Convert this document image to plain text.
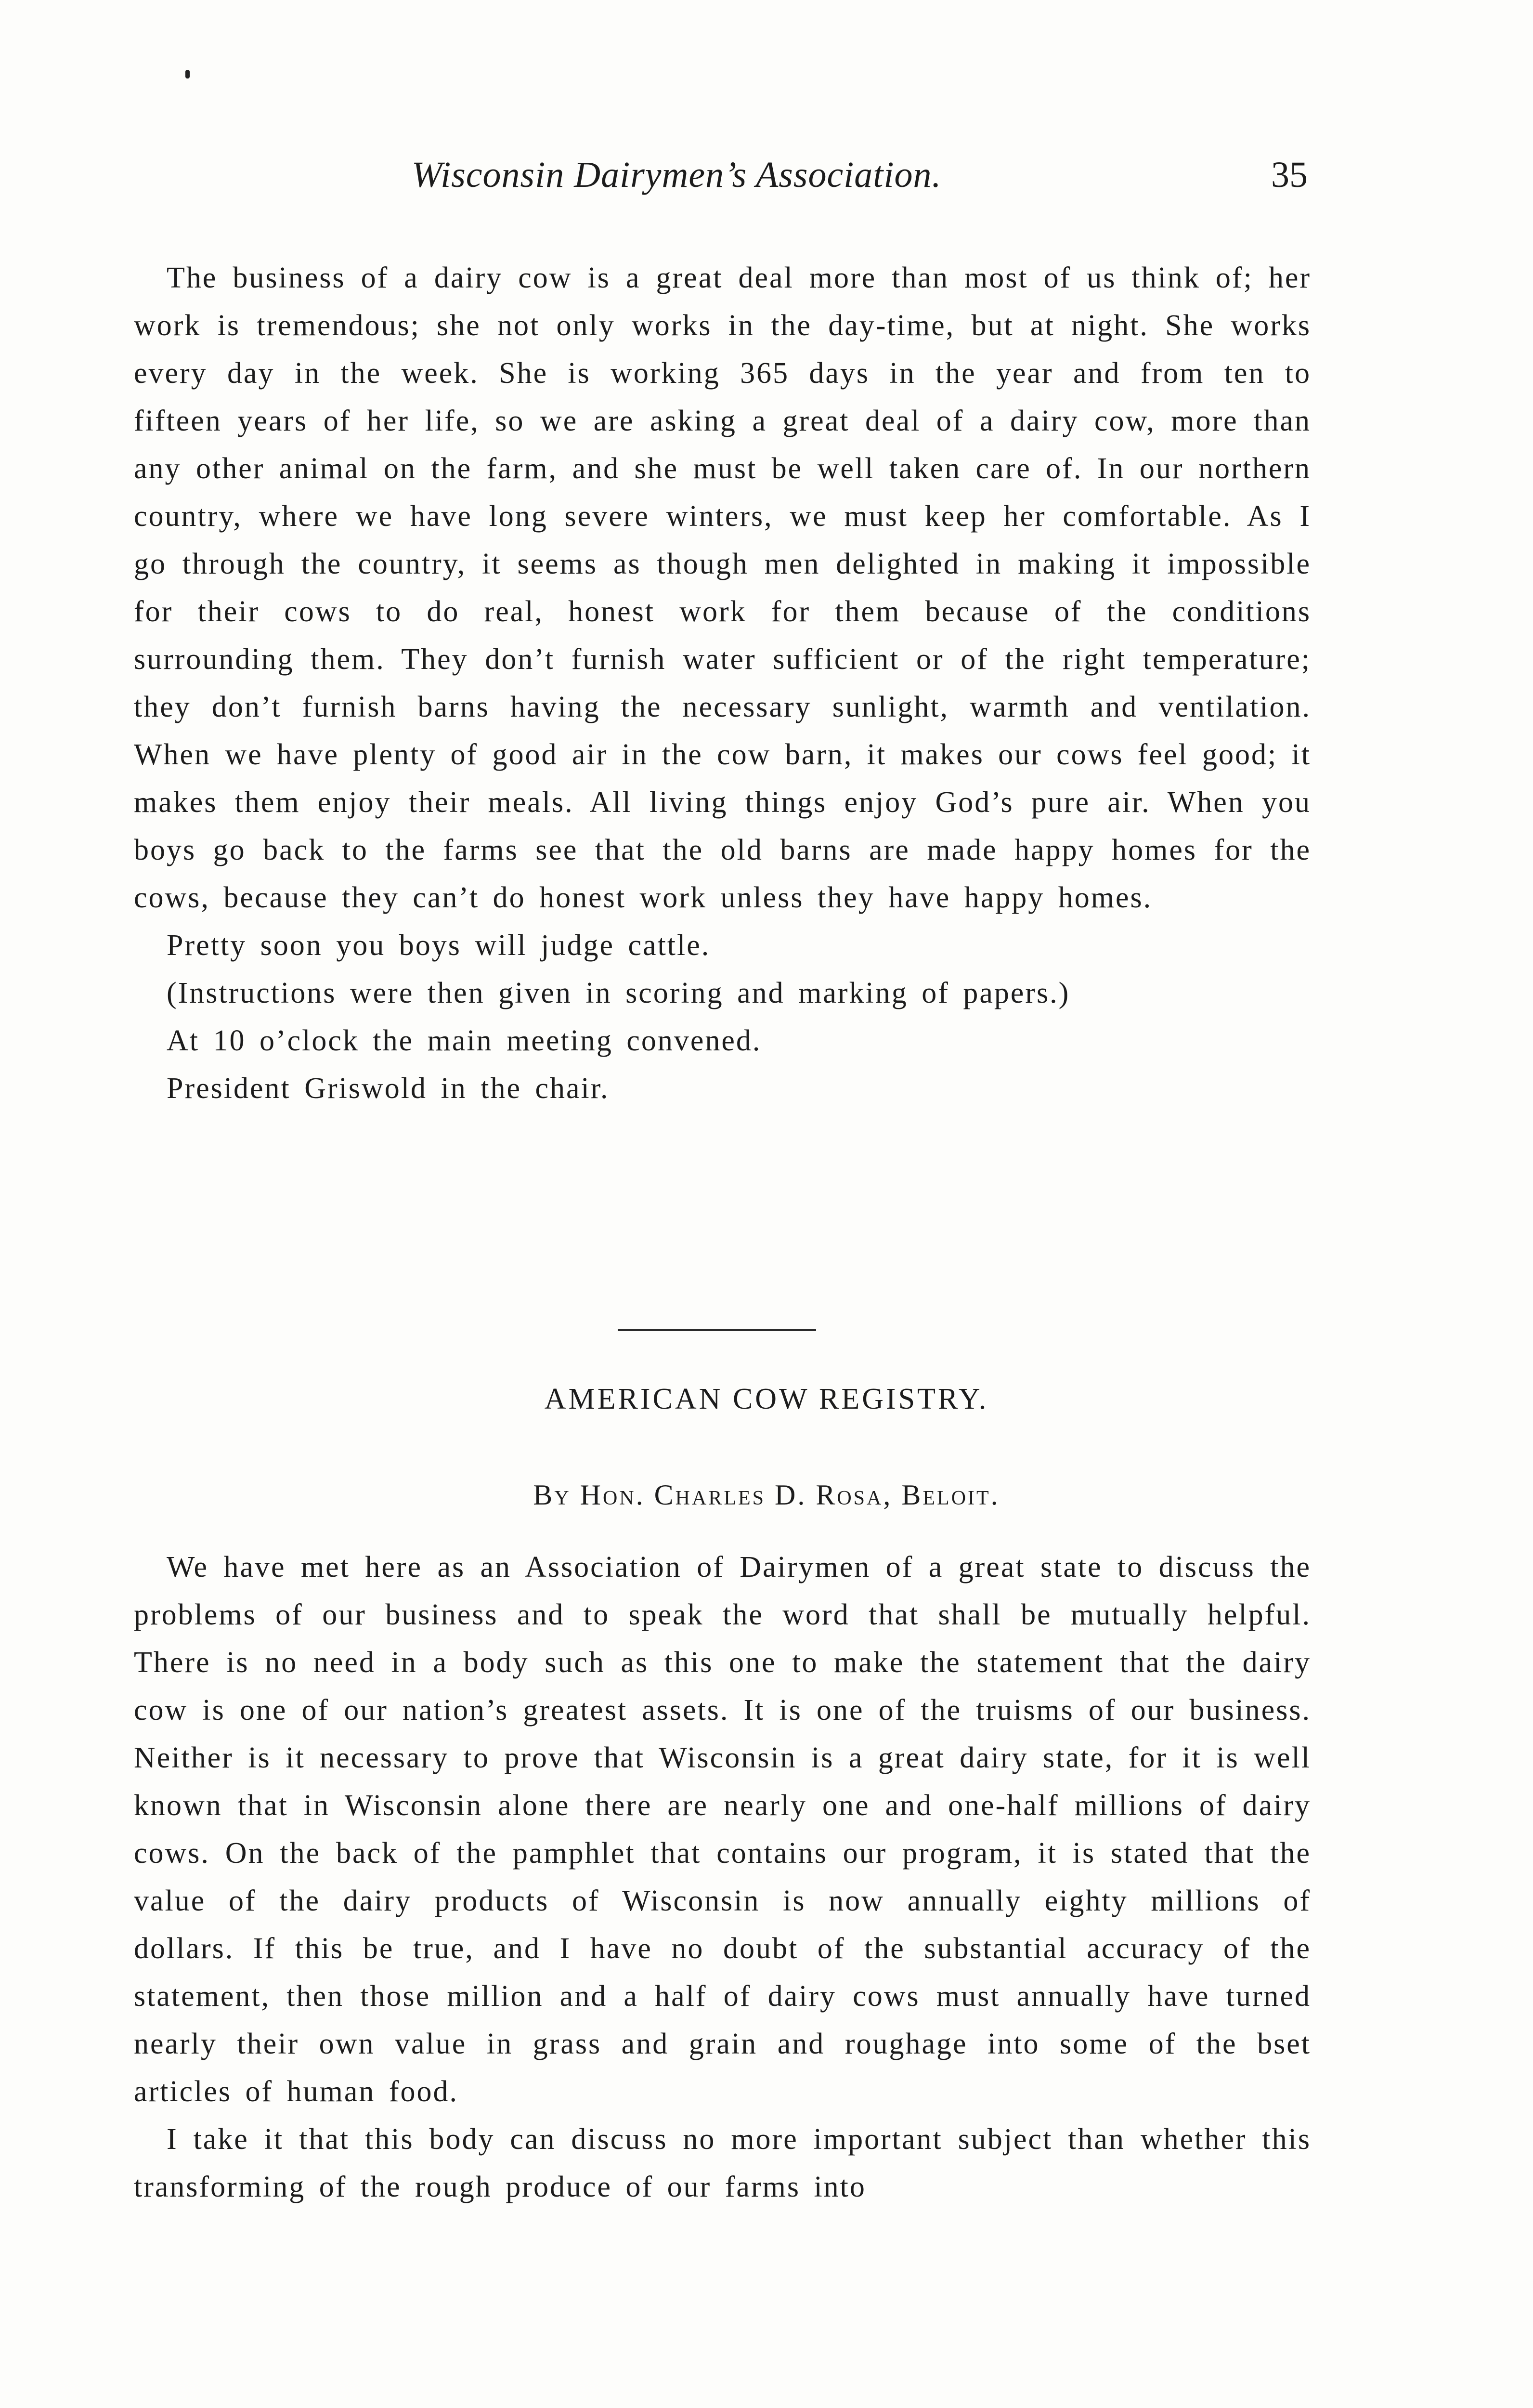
Wisconsin Dairymen’s Association.	35

The business of a dairy cow is a great deal more than most of us think of; her work is tremendous; she not only works in the day-time, but at night. She works every day in the week. She is working 365 days in the year and from ten to fifteen years of her life, so we are asking a great deal of a dairy cow, more than any other animal on the farm, and she must be well taken care of. In our northern country, where we have long severe winters, we must keep her comfortable. As I go through the country, it seems as though men delighted in making it impossible for their cows to do real, honest work for them because of the conditions surrounding them. They don’t furnish water sufficient or of the right temperature; they don’t furnish barns having the necessary sunlight, warmth and ventilation. When we have plenty of good air in the cow barn, it makes our cows feel good; it makes them enjoy their meals. All living things enjoy God’s pure air. When you boys go back to the farms see that the old barns are made happy homes for the cows, because they can’t do honest work unless they have happy homes.

Pretty soon you boys will judge cattle.

(Instructions were then given in scoring and marking of papers.)

At 10 o’clock the main meeting convened.

President Griswold in the chair.

AMERICAN COW REGISTRY.
By Hon. Charles D. Rosa, Beloit.

We have met here as an Association of Dairymen of a great state to discuss the problems of our business and to speak the word that shall be mutually helpful. There is no need in a body such as this one to make the statement that the dairy cow is one of our nation’s greatest assets. It is one of the truisms of our business. Neither is it necessary to prove that Wisconsin is a great dairy state, for it is well known that in Wisconsin alone there are nearly one and one-half millions of dairy cows. On the back of the pamphlet that contains our program, it is stated that the value of the dairy products of Wisconsin is now annually eighty millions of dollars. If this be true, and I have no doubt of the substantial accuracy of the statement, then those million and a half of dairy cows must annually have turned nearly their own value in grass and grain and roughage into some of the bset articles of human food.

I take it that this body can discuss no more important subject than whether this transforming of the rough produce of our farms into
